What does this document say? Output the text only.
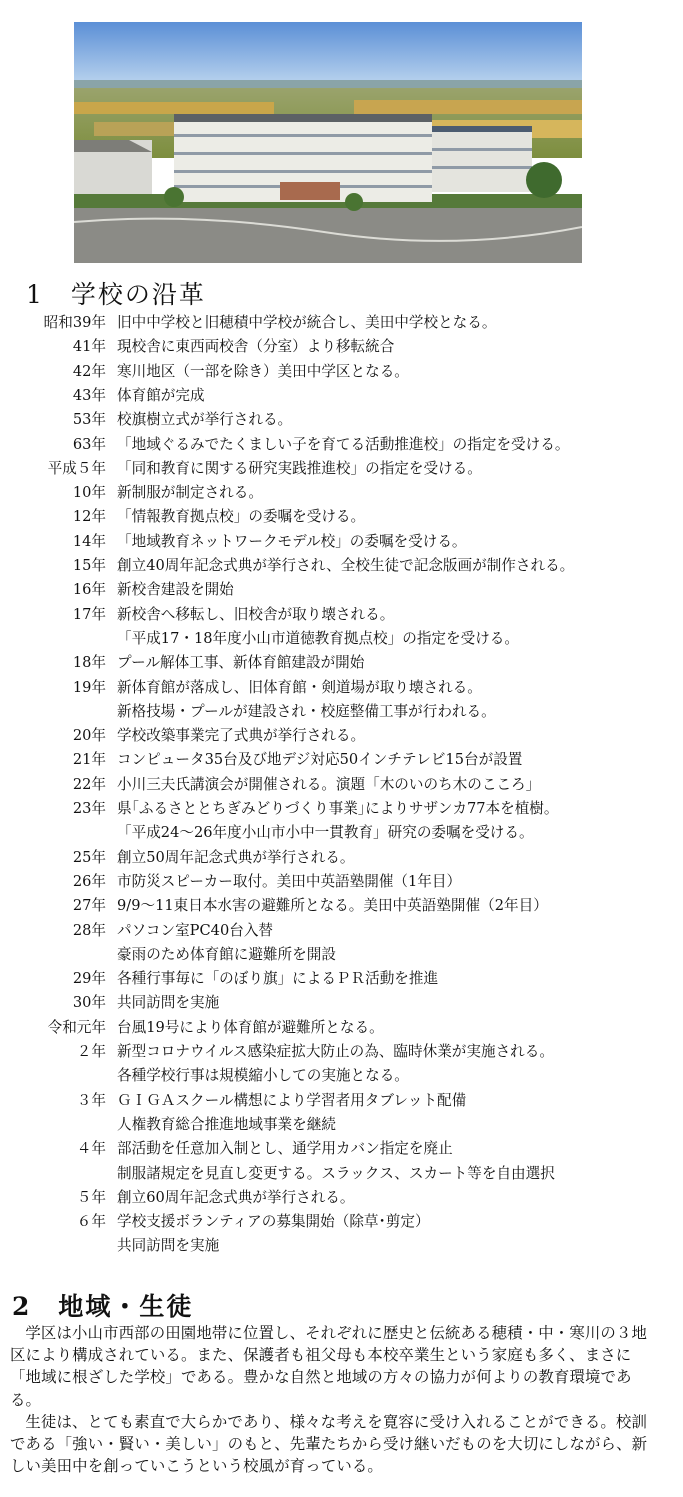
1　学校の沿革
昭和39年 旧中中学校と旧穂積中学校が統合し、美田中学校となる。
41年 現校舎に東西両校舎（分室）より移転統合
42年 寒川地区（一部を除き）美田中学区となる。
43年 体育館が完成
53年 校旗樹立式が挙行される。
63年 「地域ぐるみでたくましい子を育てる活動推進校」の指定を受ける。
平成５年 「同和教育に関する研究実践推進校」の指定を受ける。
10年 新制服が制定される。
12年 「情報教育拠点校」の委嘱を受ける。
14年 「地域教育ネットワークモデル校」の委嘱を受ける。
15年 創立40周年記念式典が挙行され、全校生徒で記念版画が制作される。
16年 新校舎建設を開始
17年 新校舎へ移転し、旧校舎が取り壊される。
「平成17・18年度小山市道徳教育拠点校」の指定を受ける。
18年 プール解体工事、新体育館建設が開始
19年 新体育館が落成し、旧体育館・剣道場が取り壊される。
新格技場・プールが建設され・校庭整備工事が行われる。
20年 学校改築事業完了式典が挙行される。
21年 コンピュータ35台及び地デジ対応50インチテレビ15台が設置
22年 小川三夫氏講演会が開催される。演題「木のいのち木のこころ」
23年 県｢ふるさととちぎみどりづくり事業｣によりサザンカ77本を植樹。
「平成24～26年度小山市小中一貫教育」研究の委嘱を受ける。
25年 創立50周年記念式典が挙行される。
26年 市防災スピーカー取付。美田中英語塾開催（1年目）
27年 9/9～11東日本水害の避難所となる。美田中英語塾開催（2年目）
28年 パソコン室PC40台入替
豪雨のため体育館に避難所を開設
29年 各種行事毎に「のぼり旗」によるＰＲ活動を推進
30年 共同訪問を実施
令和元年 台風19号により体育館が避難所となる。
２年 新型コロナウイルス感染症拡大防止の為、臨時休業が実施される。
各種学校行事は規模縮小しての実施となる。
３年 ＧＩＧＡスクール構想により学習者用タブレット配備
人権教育総合推進地域事業を継続
４年 部活動を任意加入制とし、通学用カバン指定を廃止
制服諸規定を見直し変更する。スラックス、スカート等を自由選択
５年 創立60周年記念式典が挙行される。
６年 学校支援ボランティアの募集開始（除草･剪定）
共同訪問を実施
2　地域・生徒

学区は小山市西部の田園地帯に位置し、それぞれに歴史と伝統ある穂積・中・寒川の３地区により構成されている。また、保護者も祖父母も本校卒業生という家庭も多く、まさに「地域に根ざした学校」である。豊かな自然と地域の方々の協力が何よりの教育環境である。

生徒は、とても素直で大らかであり、様々な考えを寛容に受け入れることができる。校訓である「強い・賢い・美しい」のもと、先輩たちから受け継いだものを大切にしながら、新しい美田中を創っていこうという校風が育っている。
